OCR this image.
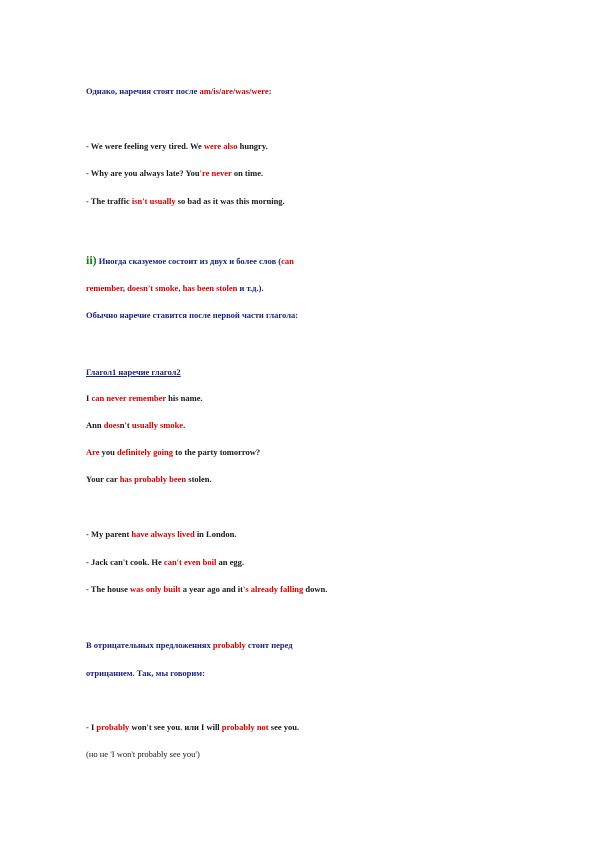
Однако, наречия стоят после am/is/are/was/were:
- We were feeling very tired. We were also hungry.
- Why are you always late? You're never on time.
- The traffic isn't usually so bad as it was this morning.
ii) Иногда сказуемое состоит из двух и более слов (can
remember, doesn't smoke, has been stolen и т.д.).
Обычно наречие ставится после первой части глагола:
Глагол1 наречие глагол2
I can never remember his name.
Ann doesn't usually smoke.
Are you definitely going to the party tomorrow?
Your car has probably been stolen.
- My parent have always lived in London.
- Jack can't cook. He can't even boil an egg.
- The house was only built a year ago and it's already falling down.
В отрицательных предложениях probably стоит перед
отрицанием. Так, мы говорим:
- I probably won't see you. или I will probably not see you.
(но не 'I won't probably see you')
